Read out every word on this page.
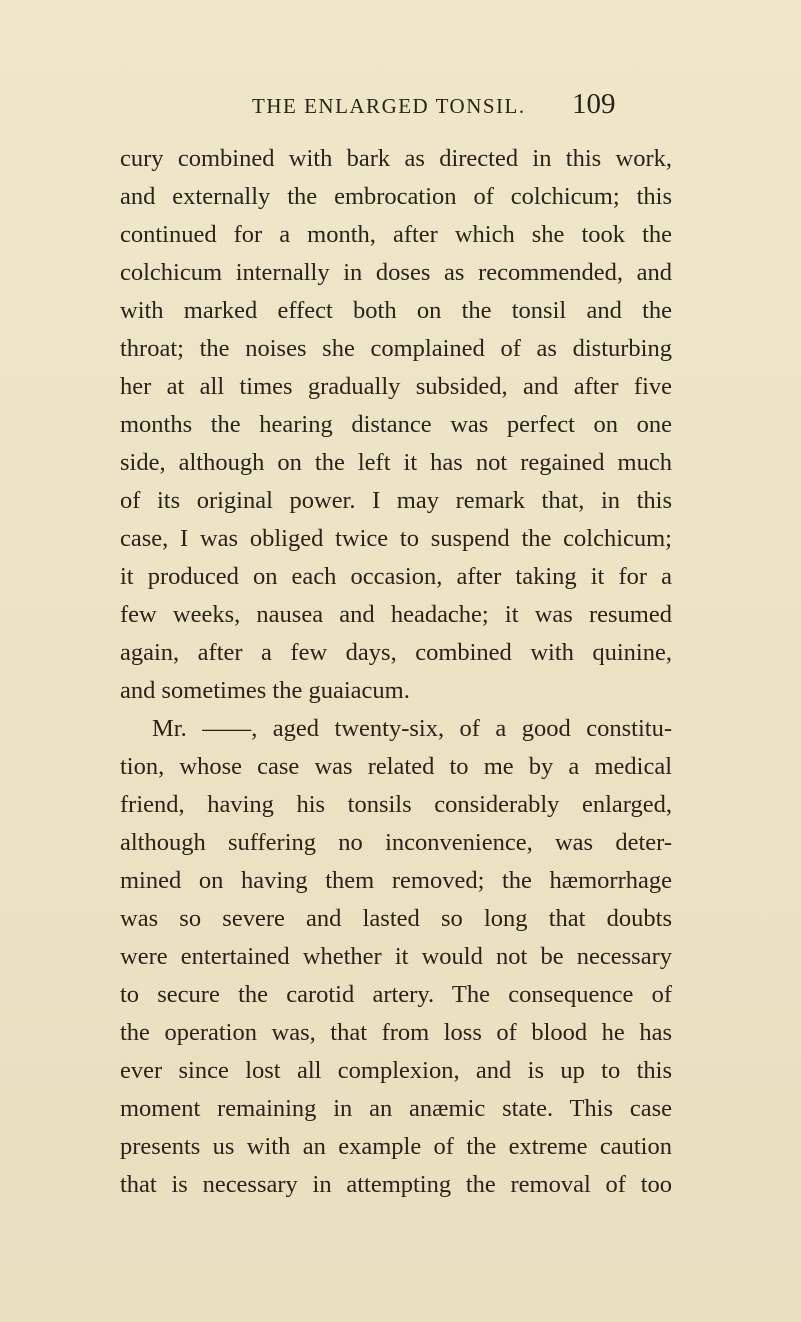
THE ENLARGED TONSIL. 109
cury combined with bark as directed in this work,
and externally the embrocation of colchicum; this
continued for a month, after which she took the
colchicum internally in doses as recommended, and
with marked effect both on the tonsil and the
throat; the noises she complained of as disturbing
her at all times gradually subsided, and after five
months the hearing distance was perfect on one
side, although on the left it has not regained much
of its original power. I may remark that, in this
case, I was obliged twice to suspend the colchicum;
it produced on each occasion, after taking it for a
few weeks, nausea and headache; it was resumed
again, after a few days, combined with quinine,
and sometimes the guaiacum.
Mr. ——, aged twenty-six, of a good constitu-
tion, whose case was related to me by a medical
friend, having his tonsils considerably enlarged,
although suffering no inconvenience, was deter-
mined on having them removed; the hæmorrhage
was so severe and lasted so long that doubts
were entertained whether it would not be necessary
to secure the carotid artery. The consequence of
the operation was, that from loss of blood he has
ever since lost all complexion, and is up to this
moment remaining in an anæmic state. This case
presents us with an example of the extreme caution
that is necessary in attempting the removal of too
